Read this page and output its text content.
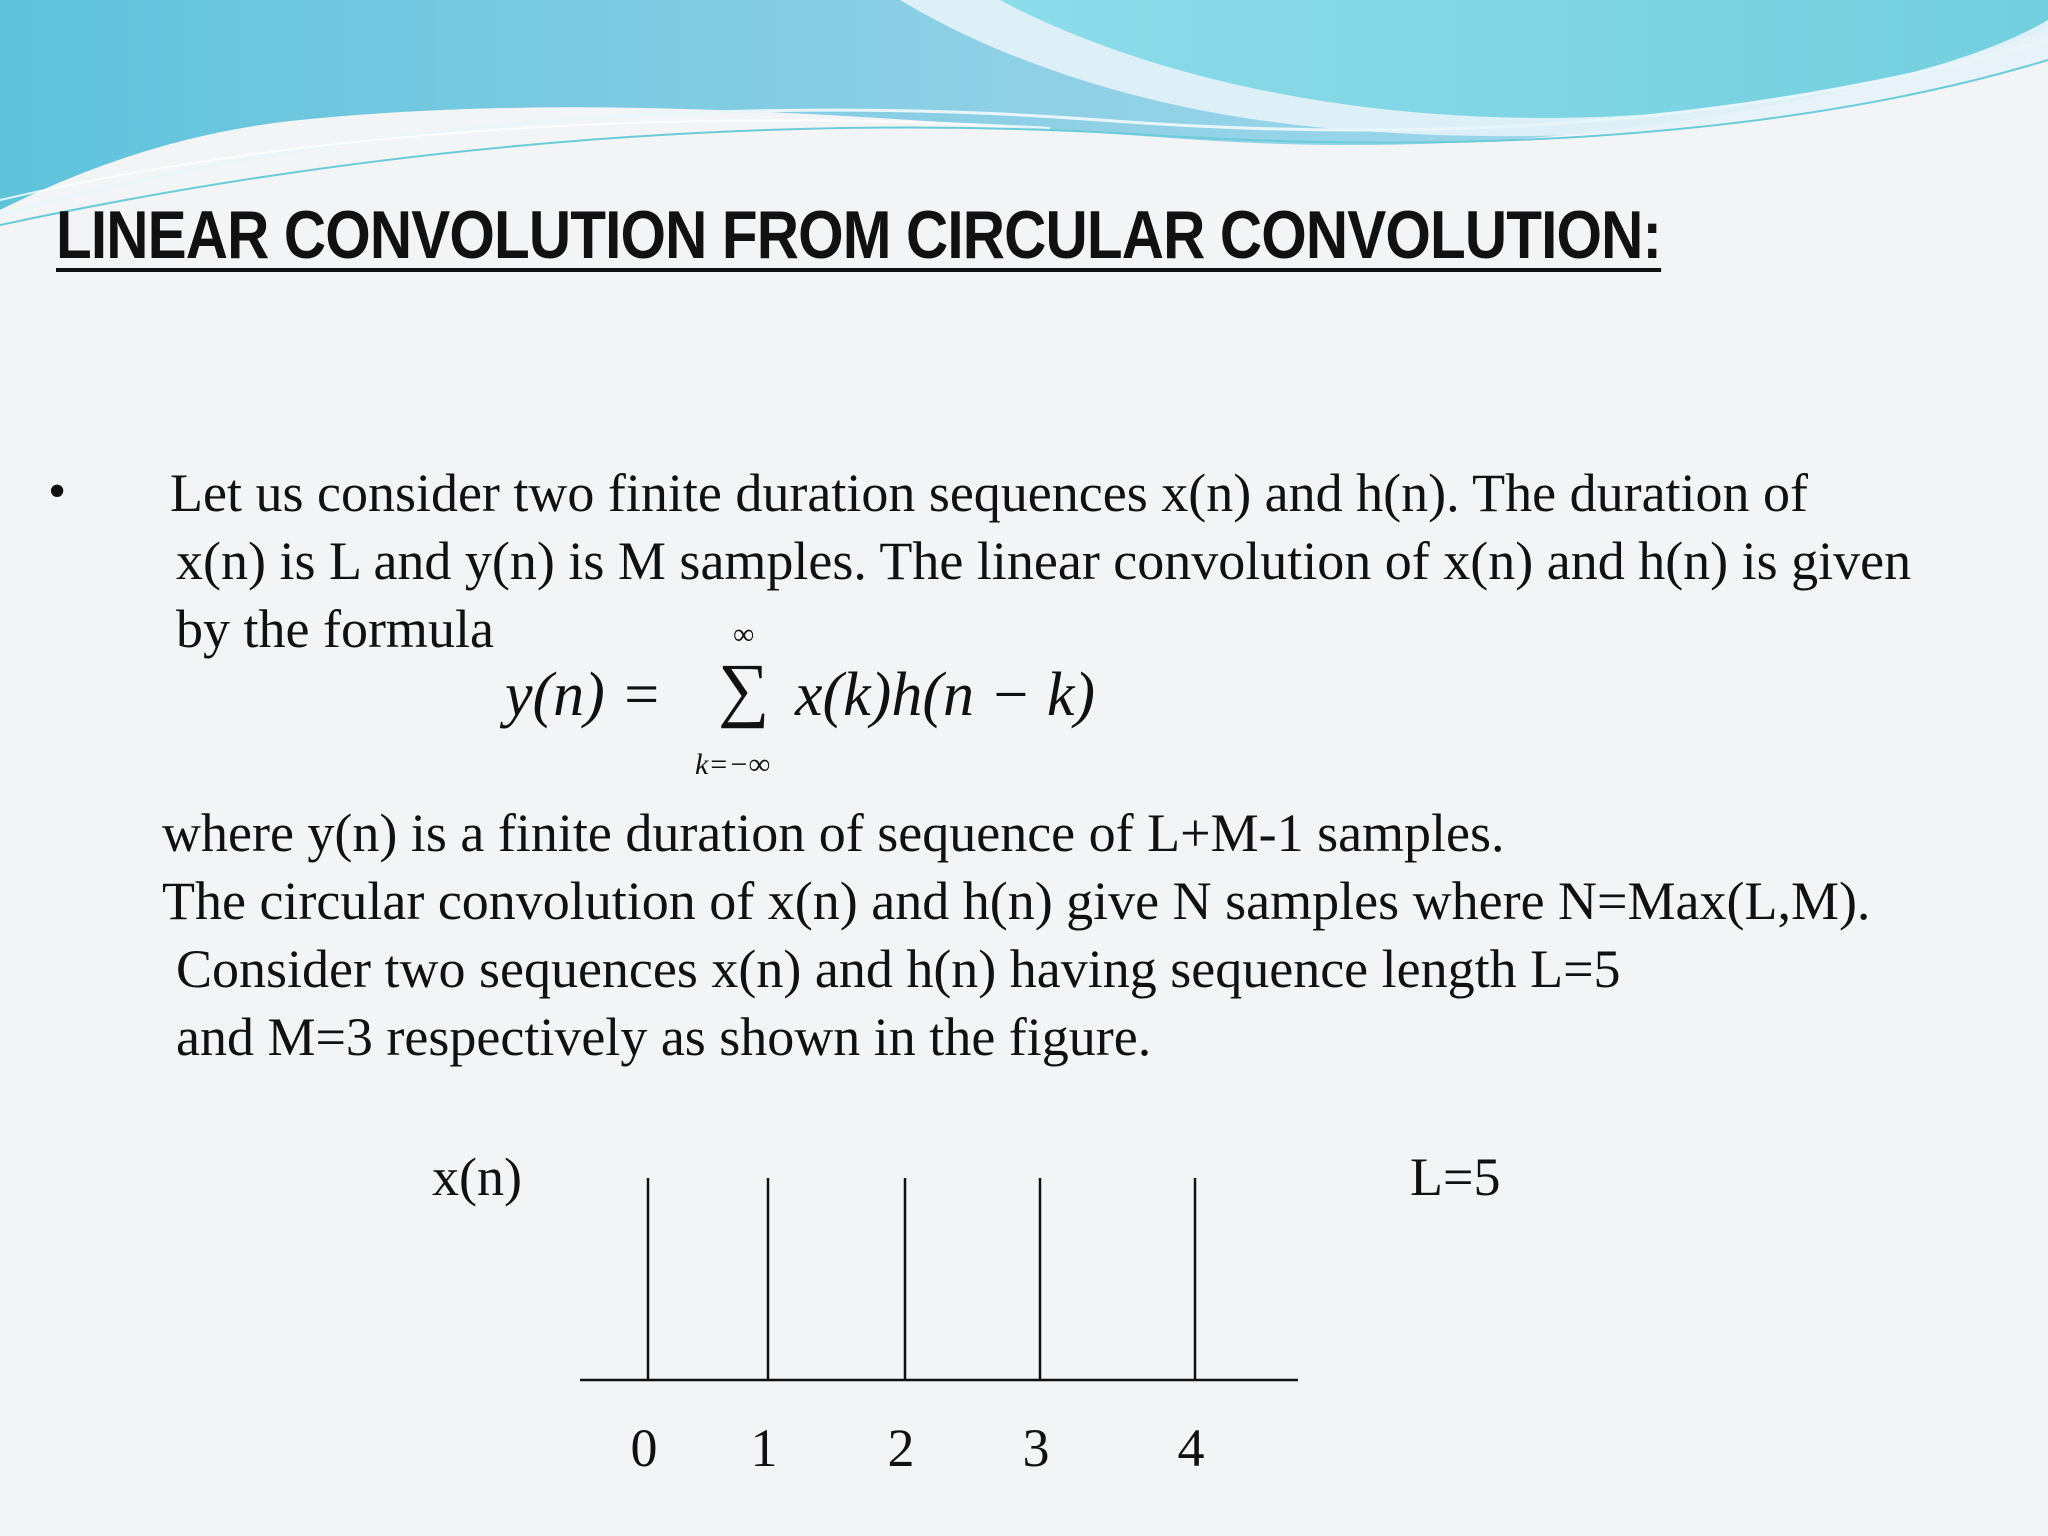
LINEAR CONVOLUTION FROM CIRCULAR CONVOLUTION:
• Let us consider two finite duration sequences x(n) and h(n). The duration of
x(n) is L and y(n) is M samples. The linear convolution of x(n) and h(n) is given
by the formula
y(n) = ∑
∞
k=−∞
x(k)h(n − k)
where y(n) is a finite duration of sequence of L+M-1 samples.
The circular convolution of x(n) and h(n) give N samples where N=Max(L,M).
Consider two sequences x(n) and h(n) having sequence length L=5
and M=3 respectively as shown in the figure.
x(n)	L=5
0 1 2 3 4
